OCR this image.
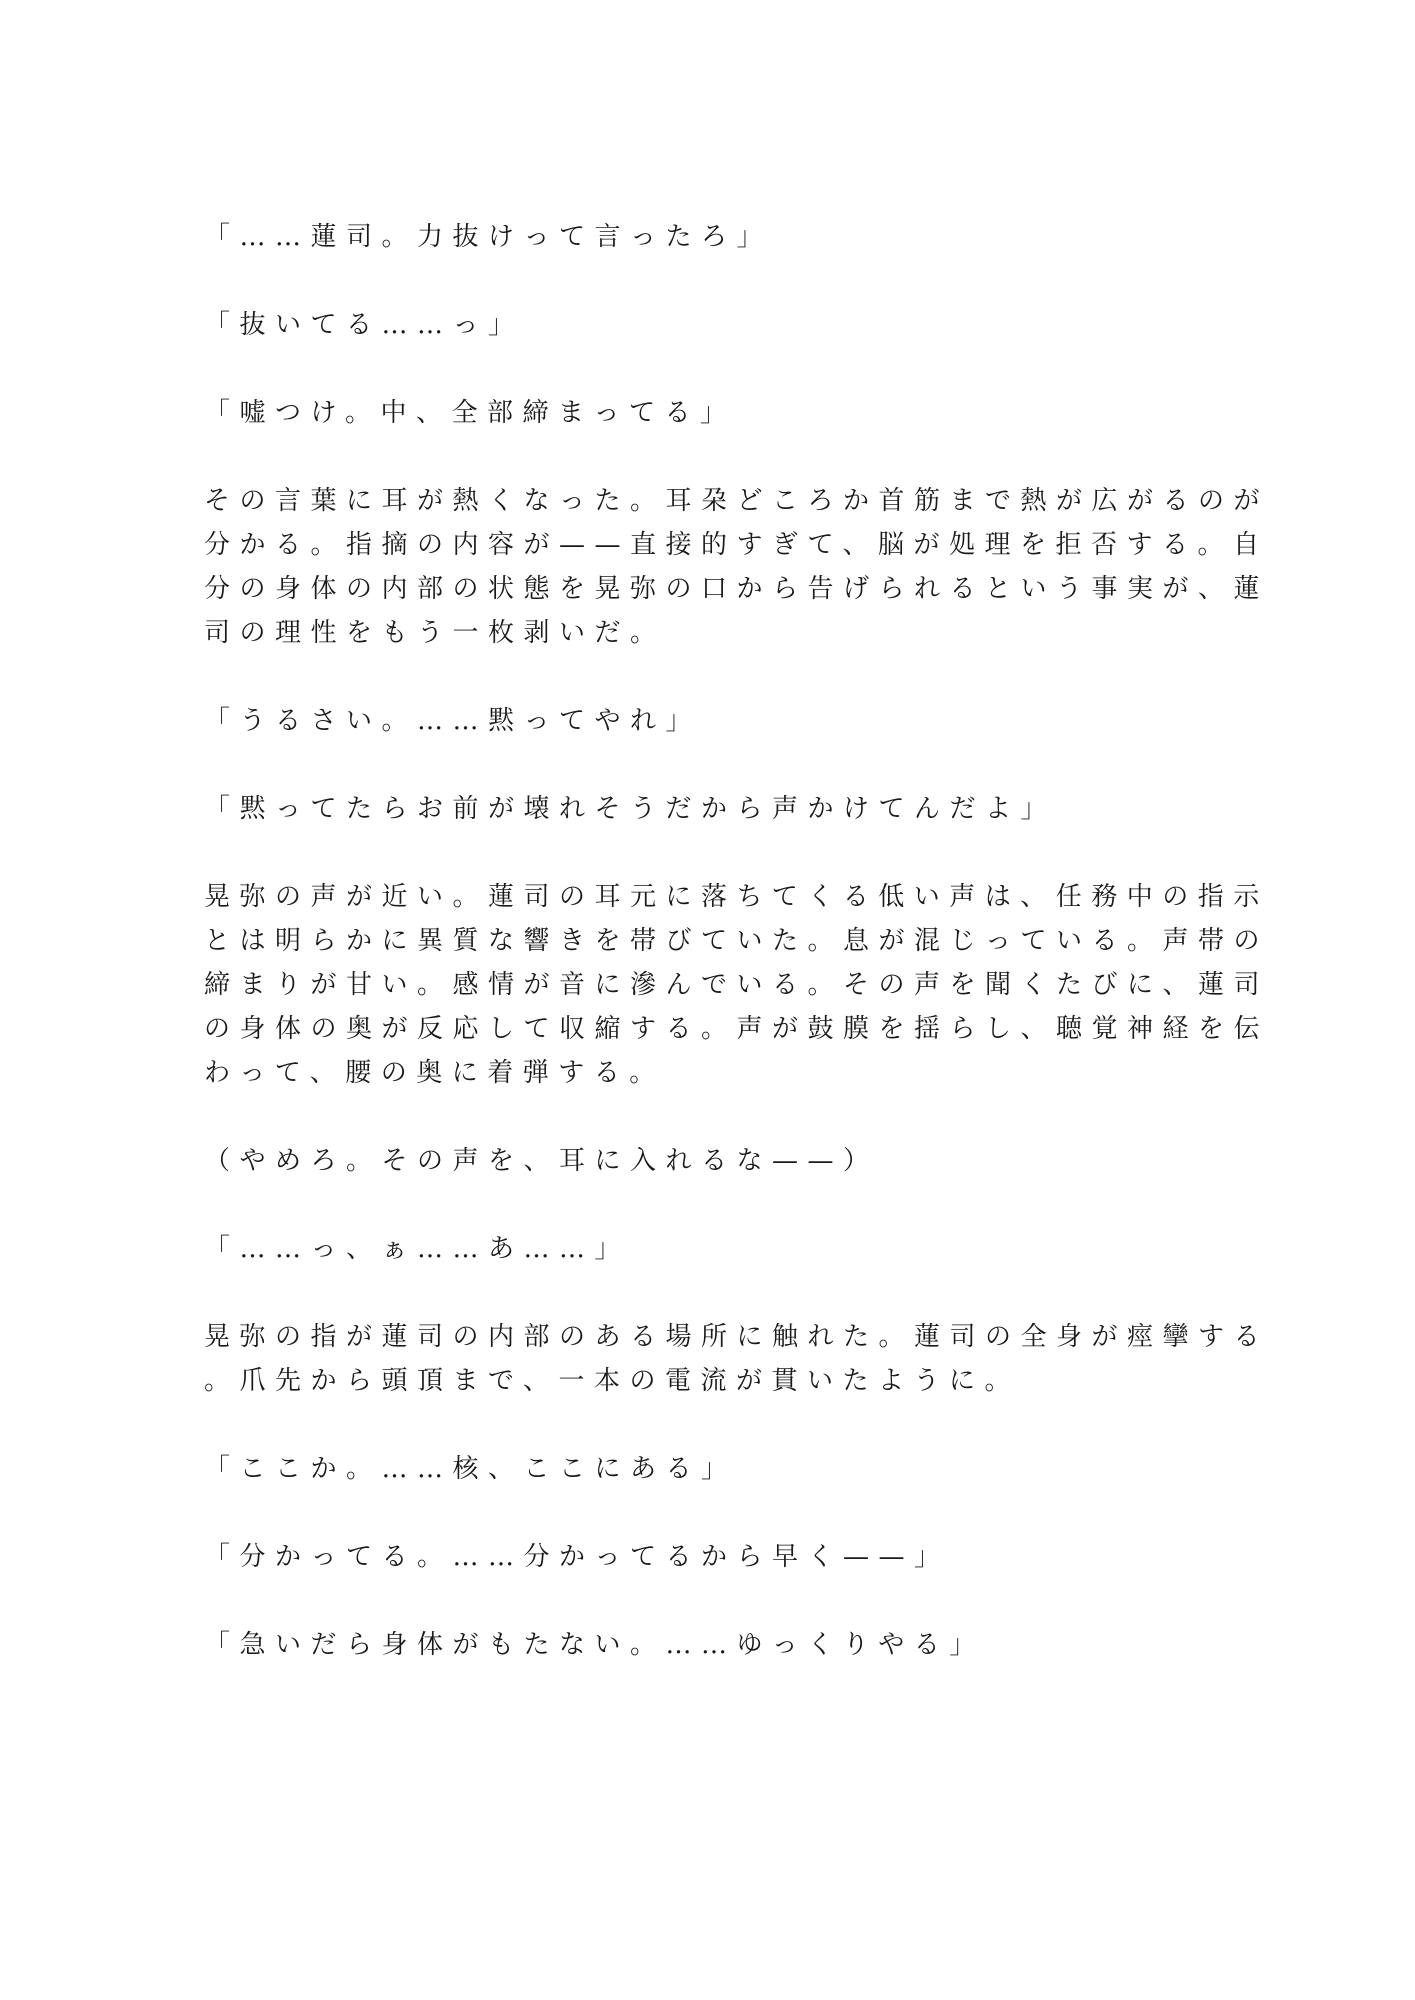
「……蓮司。力抜けって言ったろ」

「抜いてる……っ」

「嘘つけ。中、全部締まってる」

その言葉に耳が熱くなった。耳朶どころか首筋まで熱が広がるのが
分かる。指摘の内容が——直接的すぎて、脳が処理を拒否する。自
分の身体の内部の状態を晃弥の口から告げられるという事実が、蓮
司の理性をもう一枚剥いだ。

「うるさい。……黙ってやれ」

「黙ってたらお前が壊れそうだから声かけてんだよ」

晃弥の声が近い。蓮司の耳元に落ちてくる低い声は、任務中の指示
とは明らかに異質な響きを帯びていた。息が混じっている。声帯の
締まりが甘い。感情が音に滲んでいる。その声を聞くたびに、蓮司
の身体の奥が反応して収縮する。声が鼓膜を揺らし、聴覚神経を伝
わって、腰の奥に着弾する。

（やめろ。その声を、耳に入れるな——）

「……っ、ぁ……あ……」

晃弥の指が蓮司の内部のある場所に触れた。蓮司の全身が痙攣する
。爪先から頭頂まで、一本の電流が貫いたように。

「ここか。……核、ここにある」

「分かってる。……分かってるから早く——」

「急いだら身体がもたない。……ゆっくりやる」
